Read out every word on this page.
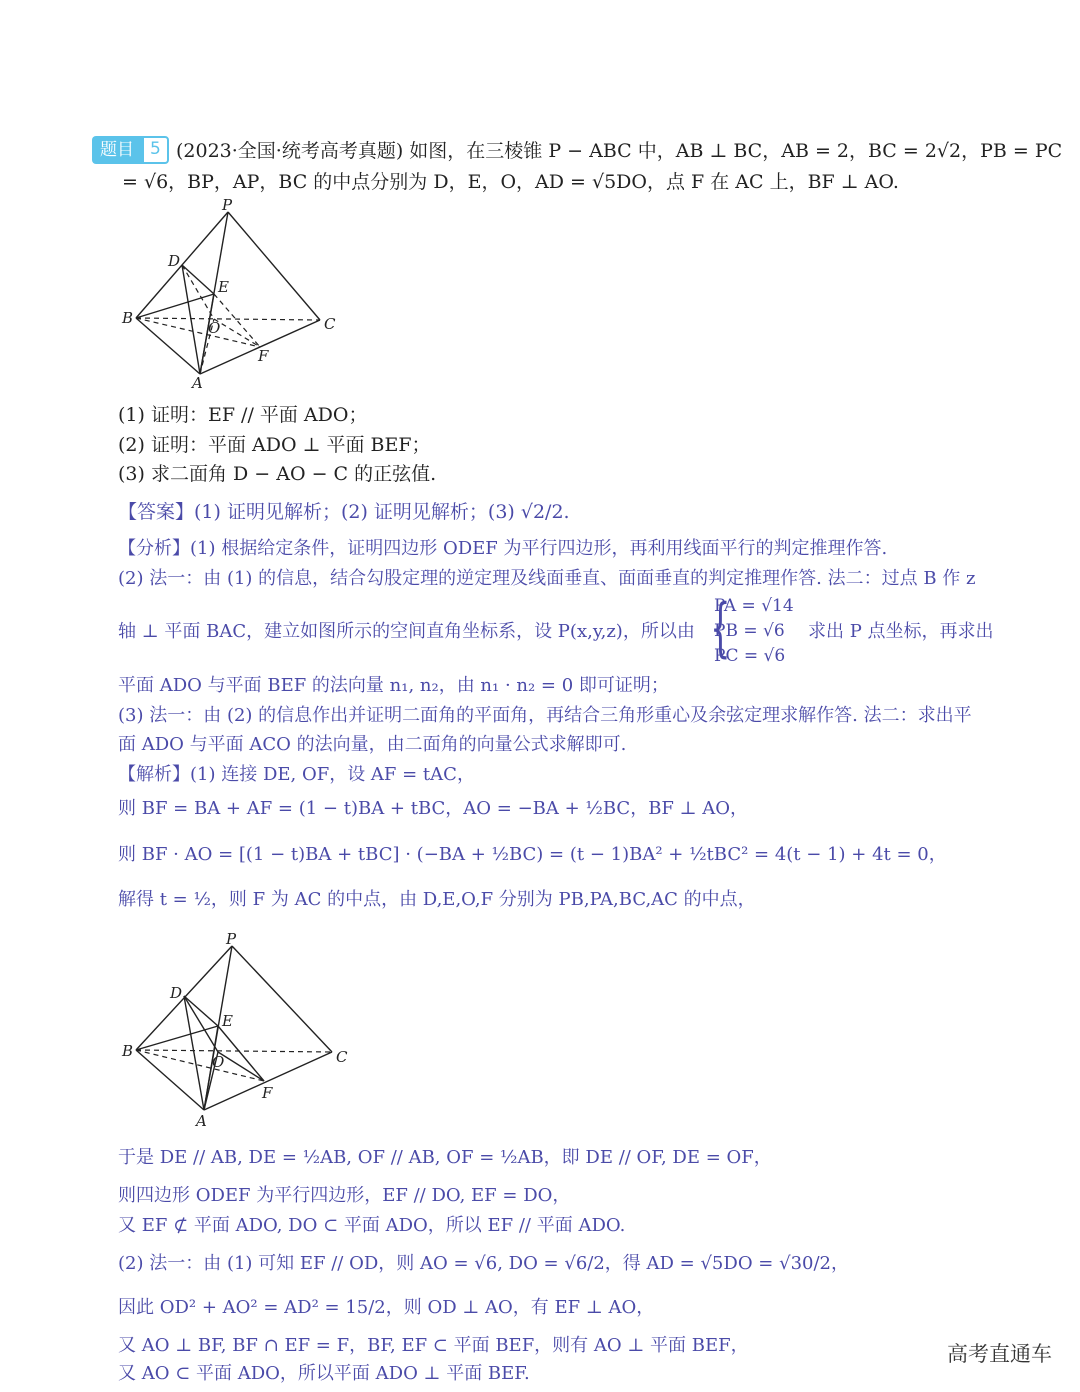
题目 5 (2023·全国·统考高考真题) 如图，在三棱锥 P − ABC 中，AB ⊥ BC，AB = 2，BC = 2√2，PB = PC
= √6，BP，AP，BC 的中点分别为 D，E，O，AD = √5DO，点 F 在 AC 上，BF ⊥ AO.
P
D
E
B
O	C
F
A
(1) 证明：EF // 平面 ADO；
(2) 证明：平面 ADO ⊥ 平面 BEF；
(3) 求二面角 D − AO − C 的正弦值.
【答案】(1) 证明见解析；(2) 证明见解析；(3) √2/2.
【分析】(1) 根据给定条件，证明四边形 ODEF 为平行四边形，再利用线面平行的判定推理作答.
(2) 法一：由 (1) 的信息，结合勾股定理的逆定理及线面垂直、面面垂直的判定推理作答. 法二：过点 B 作 z
轴 ⊥ 平面 BAC，建立如图所示的空间直角坐标系，设 P(x,y,z)，所以由 {
PA = √14
PB = √6
PC = √6
求出 P 点坐标，再求出
平面 ADO 与平面 BEF 的法向量 n₁, n₂，由 n₁ · n₂ = 0 即可证明；
(3) 法一：由 (2) 的信息作出并证明二面角的平面角，再结合三角形重心及余弦定理求解作答. 法二：求出平
面 ADO 与平面 ACO 的法向量，由二面角的向量公式求解即可.
【解析】(1) 连接 DE, OF，设 AF = tAC，
则 BF = BA + AF = (1 − t)BA + tBC，AO = −BA + ½BC，BF ⊥ AO，
则 BF · AO = [(1 − t)BA + tBC] · (−BA + ½BC) = (t − 1)BA² + ½tBC² = 4(t − 1) + 4t = 0，
解得 t = ½，则 F 为 AC 的中点，由 D,E,O,F 分别为 PB,PA,BC,AC 的中点，
P
D
E
B
O	C
F
A
于是 DE // AB, DE = ½AB, OF // AB, OF = ½AB，即 DE // OF, DE = OF，
则四边形 ODEF 为平行四边形，EF // DO, EF = DO，
又 EF ⊄ 平面 ADO, DO ⊂ 平面 ADO，所以 EF // 平面 ADO.
(2) 法一：由 (1) 可知 EF // OD，则 AO = √6, DO = √6/2，得 AD = √5DO = √30/2，
因此 OD² + AO² = AD² = 15/2，则 OD ⊥ AO，有 EF ⊥ AO，
又 AO ⊥ BF, BF ∩ EF = F，BF, EF ⊂ 平面 BEF，则有 AO ⊥ 平面 BEF，
又 AO ⊂ 平面 ADO，所以平面 ADO ⊥ 平面 BEF.
高考直通车
